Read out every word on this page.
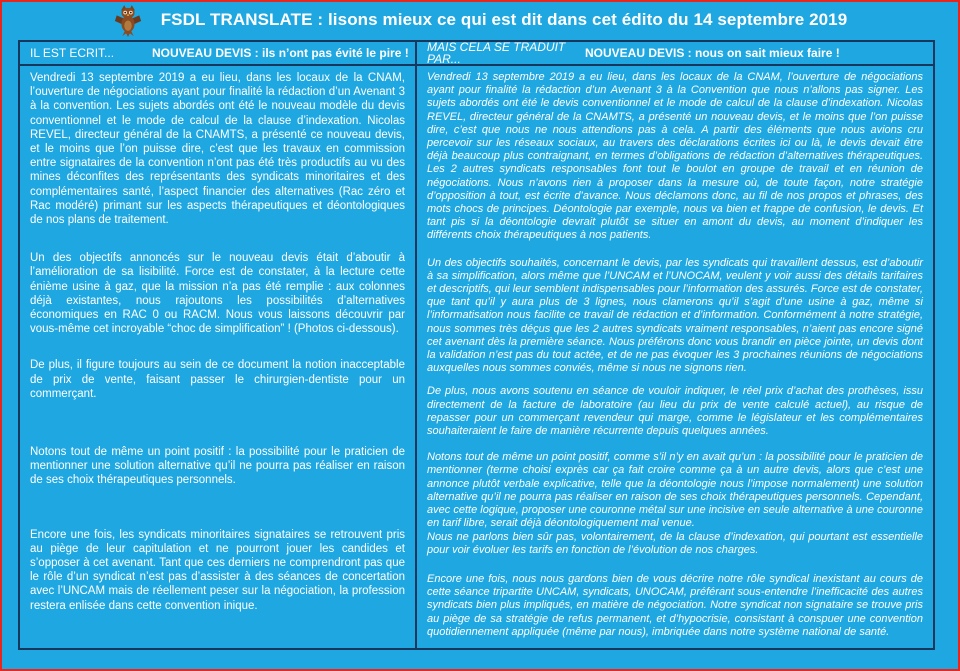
FSDL TRANSLATE : lisons mieux ce qui est dit dans cet édito du 14 septembre 2019
IL EST ECRIT...	NOUVEAU DEVIS : ils n’ont pas évité le pire ! MAIS CELA SE TRADUIT PAR...	NOUVEAU DEVIS : nous on sait mieux faire !

Vendredi 13 septembre 2019 a eu lieu, dans les locaux de la CNAM, l’ouverture de négociations ayant pour finalité la rédaction d’un Avenant 3 à la convention. Les sujets abordés ont été le nouveau modèle du devis conventionnel et le mode de calcul de la clause d’indexation. Nicolas REVEL, directeur général de la CNAMTS, a présenté ce nouveau devis, et le moins que l’on puisse dire, c’est que les travaux en commission entre signataires de la convention n’ont pas été très productifs au vu des mines déconfites des représentants des syndicats minoritaires et des complémentaires santé, l’aspect financier des alternatives (Rac zéro et Rac modéré) primant sur les aspects thérapeutiques et déontologiques de nos plans de traitement.

Un des objectifs annoncés sur le nouveau devis était d’aboutir à l’amélioration de sa lisibilité. Force est de constater, à la lecture cette énième usine à gaz, que la mission n’a pas été remplie : aux colonnes déjà existantes, nous rajoutons les possibilités d’alternatives économiques en RAC 0 ou RACM. Nous vous laissons découvrir par vous-même cet incroyable “choc de simplification” ! (Photos ci-dessous).

De plus, il figure toujours au sein de ce document la notion inacceptable de prix de vente, faisant passer le chirurgien-dentiste pour un commerçant.

Notons tout de même un point positif : la possibilité pour le praticien de mentionner une solution alternative qu’il ne pourra pas réaliser en raison de ses choix thérapeutiques personnels.

Encore une fois, les syndicats minoritaires signataires se retrouvent pris au piège de leur capitulation et ne pourront jouer les candides et s’opposer à cet avenant. Tant que ces derniers ne comprendront pas que le rôle d’un syndicat n’est pas d’assister à des séances de concertation avec l’UNCAM mais de réellement peser sur la négociation, la profession restera enlisée dans cette convention inique.

Vendredi 13 septembre 2019 a eu lieu, dans les locaux de la CNAM, l’ouverture de négociations ayant pour finalité la rédaction d’un Avenant 3 à la Convention que nous n’allons pas signer. Les sujets abordés ont été le devis conventionnel et le mode de calcul de la clause d’indexation. Nicolas REVEL, directeur général de la CNAMTS, a présenté un nouveau devis, et le moins que l’on puisse dire, c’est que nous ne nous attendions pas à cela. A partir des éléments que nous avions cru percevoir sur les réseaux sociaux, au travers des déclarations écrites ici ou là, le devis devait être déjà beaucoup plus contraignant, en termes d’obligations de rédaction d’alternatives thérapeutiques. Les 2 autres syndicats responsables font tout le boulot en groupe de travail et en réunion de négociations. Nous n’avons rien à proposer dans la mesure où, de toute façon, notre stratégie d’opposition à tout, est écrite d’avance. Nous déclamons donc, au fil de nos propos et phrases, des mots chocs de principes. Déontologie par exemple, nous va bien et frappe de confusion, le devis. Et tant pis si la déontologie devrait plutôt se situer en amont du devis, au moment d’indiquer les différents choix thérapeutiques à nos patients.

Un des objectifs souhaités, concernant le devis, par les syndicats qui travaillent dessus, est d’aboutir à sa simplification, alors même que l’UNCAM et l’UNOCAM, veulent y voir aussi des détails tarifaires et descriptifs, qui leur semblent indispensables pour l’information des assurés. Force est de constater, que tant qu’il y aura plus de 3 lignes, nous clamerons qu’il s’agit d’une usine à gaz, même si l’informatisation nous facilite ce travail de rédaction et d’information. Conformément à notre stratégie, nous sommes très déçus que les 2 autres syndicats vraiment responsables, n’aient pas encore signé cet avenant dès la première séance. Nous préférons donc vous brandir en pièce jointe, un devis dont la validation n’est pas du tout actée, et de ne pas évoquer les 3 prochaines réunions de négociations auxquelles nous sommes conviés, même si nous ne signons rien.

De plus, nous avons soutenu en séance de vouloir indiquer, le réel prix d’achat des prothèses, issu directement de la facture de laboratoire (au lieu du prix de vente calculé actuel), au risque de repasser pour un commerçant revendeur qui marge, comme le législateur et les complémentaires souhaiteraient le faire de manière récurrente depuis quelques années.

Notons tout de même un point positif, comme s’il n’y en avait qu’un : la possibilité pour le praticien de mentionner (terme choisi exprès car ça fait croire comme ça à un autre devis, alors que c’est une annonce plutôt verbale explicative, telle que la déontologie nous l’impose normalement) une solution alternative qu’il ne pourra pas réaliser en raison de ses choix thérapeutiques personnels. Cependant, avec cette logique, proposer une couronne métal sur une incisive en seule alternative à une couronne en tarif libre, serait déjà déontologiquement mal venue.

Nous ne parlons bien sûr pas, volontairement, de la clause d’indexation, qui pourtant est essentielle pour voir évoluer les tarifs en fonction de l’évolution de nos charges.

Encore une fois, nous nous gardons bien de vous décrire notre rôle syndical inexistant au cours de cette séance tripartite UNCAM, syndicats, UNOCAM, préférant sous-entendre l’inefficacité des autres syndicats bien plus impliqués, en matière de négociation. Notre syndicat non signataire se trouve pris au piège de sa stratégie de refus permanent, et d’hypocrisie, consistant à conspuer une convention quotidiennement appliquée (même par nous), imbriquée dans notre système national de santé.
